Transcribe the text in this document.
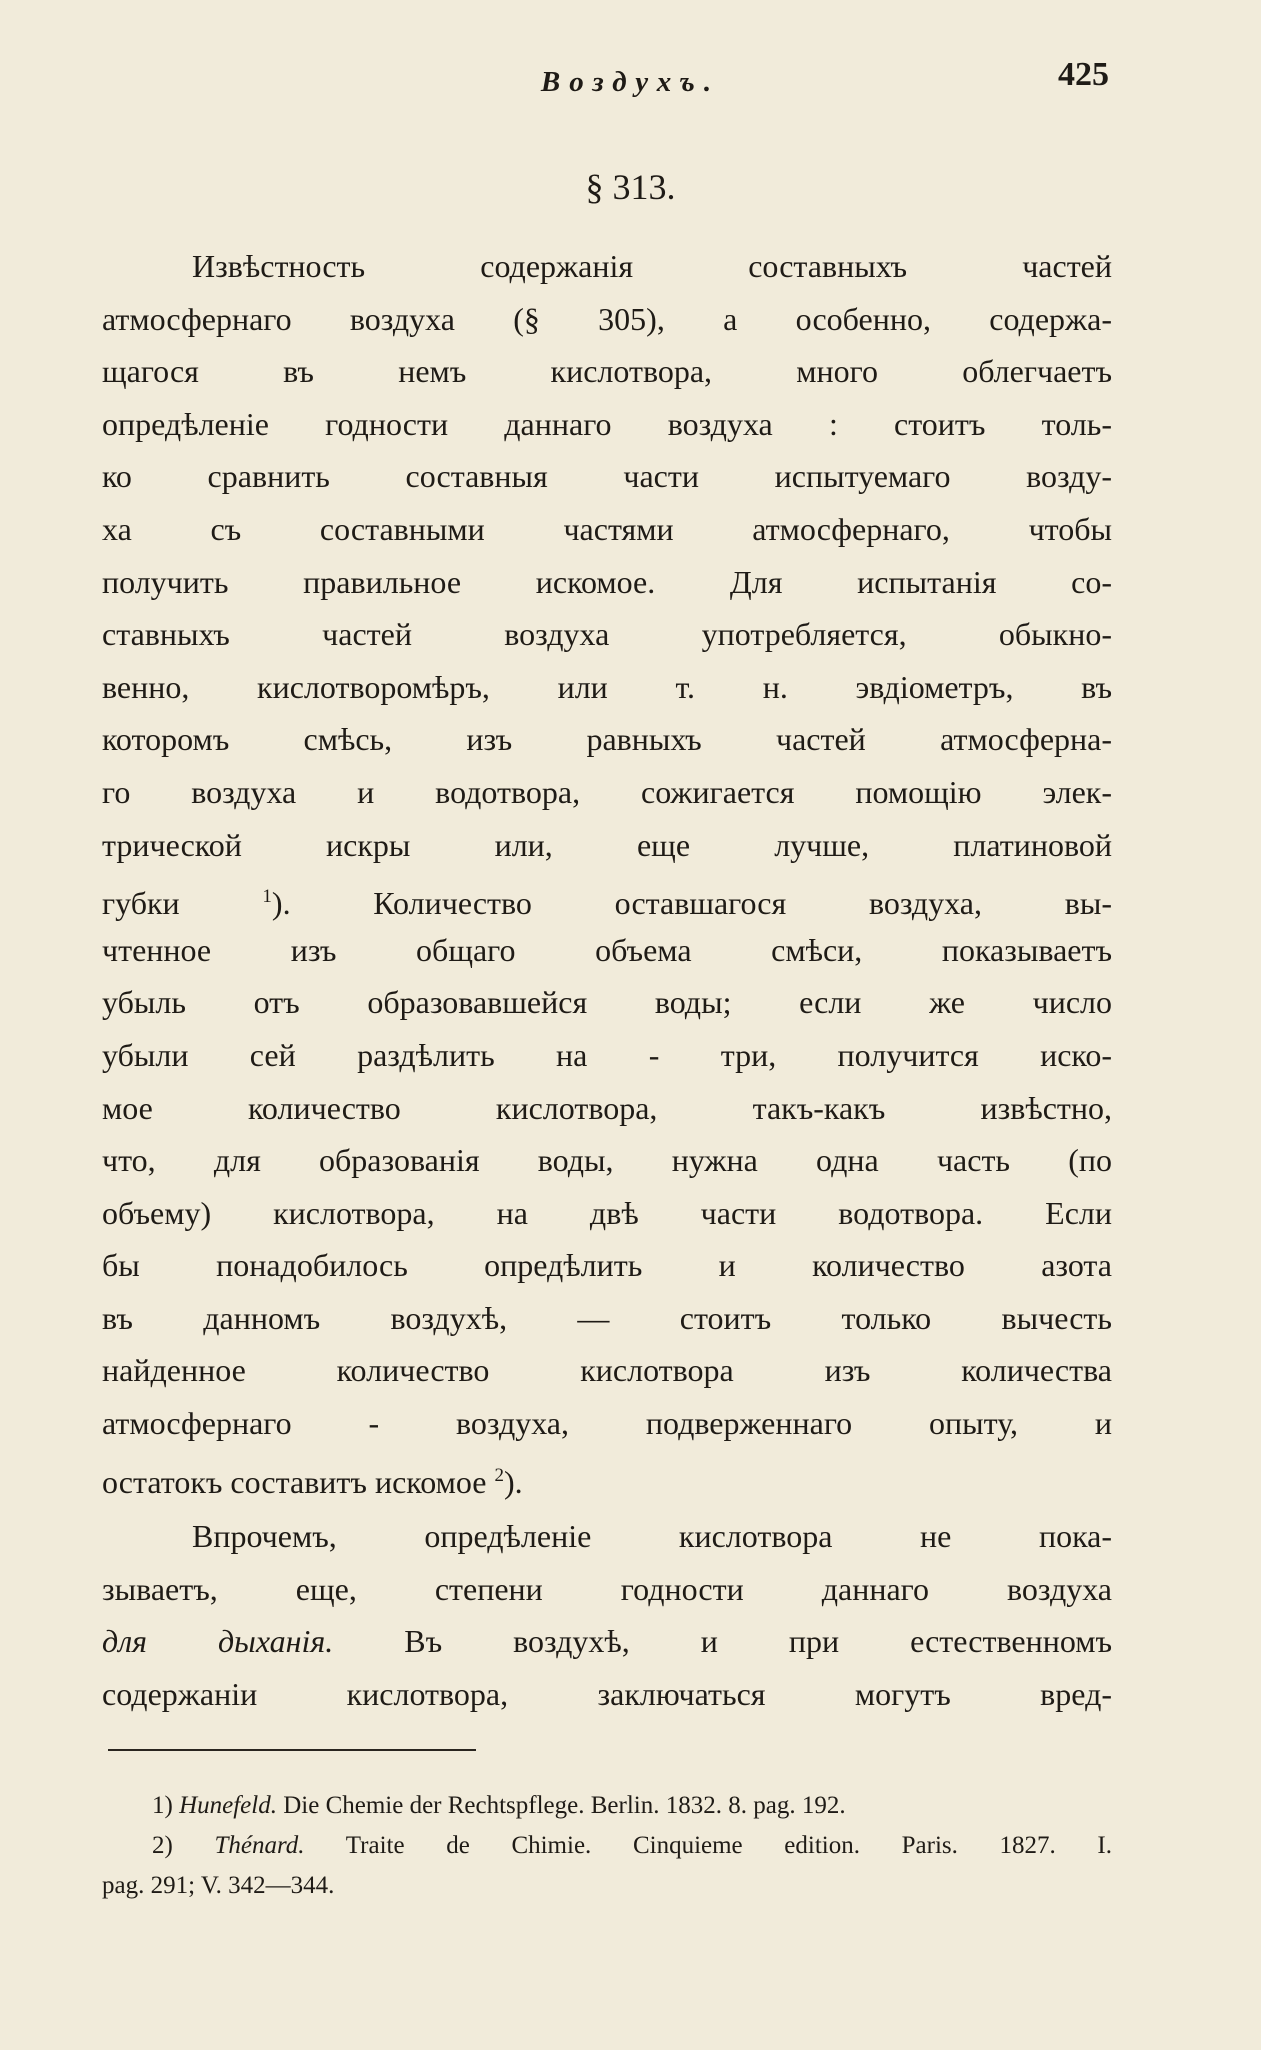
Воздухъ.	425
§ 313.
Извѣстность содержанія составныхъ частей
атмосфернаго воздуха (§ 305), а особенно, содержа-
щагося въ немъ кислотвора, много облегчаетъ
опредѣленіе годности даннаго воздуха : стоитъ толь-
ко сравнить составныя части испытуемаго возду-
ха съ составными частями атмосфернаго, чтобы
получить правильное искомое. Для испытанія со-
ставныхъ частей воздуха употребляется, обыкно-
венно, кислотворомѣръ, или т. н. эвдіометръ, въ
которомъ смѣсь, изъ равныхъ частей атмосферна-
го воздуха и водотвора, сожигается помощію элек-
трической искры или, еще лучше, платиновой
губки	$^1$). Количество оставшагося воздуха, вы-
чтенное изъ общаго объема смѣси, показываетъ
убыль отъ образовавшейся воды; если же число
убыли сей раздѣлить на - три, получится иско-
мое количество кислотвора, такъ-какъ извѣстно,
что, для образованія воды, нужна одна часть (по
объему) кислотвора, на двѣ части водотвора. Если
бы понадобилось опредѣлить и количество азота
въ данномъ воздухѣ, — стоитъ только вычесть
найденное количество кислотвора изъ количества
атмосфернаго - воздуха, подверженнаго опыту, и
остатокъ составитъ искомое $^2$).
Впрочемъ, опредѣленіе кислотвора не пока-
зываетъ, еще, степени годности даннаго воздуха
для дыханія. Въ воздухѣ, и при естественномъ
содержаніи кислотвора, заключаться могутъ вред-
1) Hunefeld. Die Chemie der Rechtspflege. Berlin. 1832. 8. pag. 192.
2) Thénard. Traite de Chimie. Cinquieme edition. Paris. 1827. I.
pag. 291; V. 342—344.
